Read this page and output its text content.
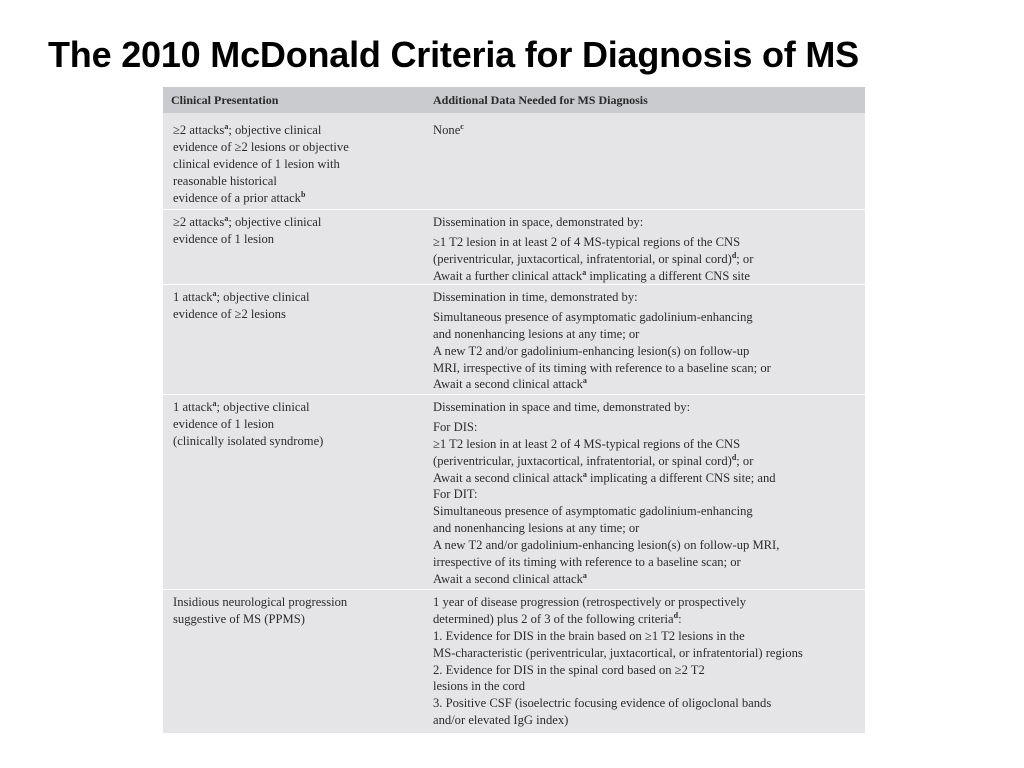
The 2010 McDonald Criteria for Diagnosis of MS
Clinical Presentation	Additional Data Needed for MS Diagnosis
≥2 attacks$^a$; objective clinical
evidence of ≥2 lesions or objective
clinical evidence of 1 lesion with
reasonable historical
evidence of a prior attack$^b$
None$^c$
≥2 attacks$^a$; objective clinical
evidence of 1 lesion
Dissemination in space, demonstrated by:
≥1 T2 lesion in at least 2 of 4 MS-typical regions of the CNS
(periventricular, juxtacortical, infratentorial, or spinal cord)$^d$; or
Await a further clinical attack$^a$ implicating a different CNS site
1 attack$^a$; objective clinical
evidence of ≥2 lesions
Dissemination in time, demonstrated by:
Simultaneous presence of asymptomatic gadolinium-enhancing
and nonenhancing lesions at any time; or
A new T2 and/or gadolinium-enhancing lesion(s) on follow-up
MRI, irrespective of its timing with reference to a baseline scan; or
Await a second clinical attack$^a$
1 attack$^a$; objective clinical
evidence of 1 lesion
(clinically isolated syndrome)
Dissemination in space and time, demonstrated by:
For DIS:
≥1 T2 lesion in at least 2 of 4 MS-typical regions of the CNS
(periventricular, juxtacortical, infratentorial, or spinal cord)$^d$; or
Await a second clinical attack$^a$ implicating a different CNS site; and
For DIT:
Simultaneous presence of asymptomatic gadolinium-enhancing
and nonenhancing lesions at any time; or
A new T2 and/or gadolinium-enhancing lesion(s) on follow-up MRI,
irrespective of its timing with reference to a baseline scan; or
Await a second clinical attack$^a$
Insidious neurological progression
suggestive of MS (PPMS)
1 year of disease progression (retrospectively or prospectively
determined) plus 2 of 3 of the following criteria$^d$:
1. Evidence for DIS in the brain based on ≥1 T2 lesions in the
MS-characteristic (periventricular, juxtacortical, or infratentorial) regions
2. Evidence for DIS in the spinal cord based on ≥2 T2
lesions in the cord
3. Positive CSF (isoelectric focusing evidence of oligoclonal bands
and/or elevated IgG index)
